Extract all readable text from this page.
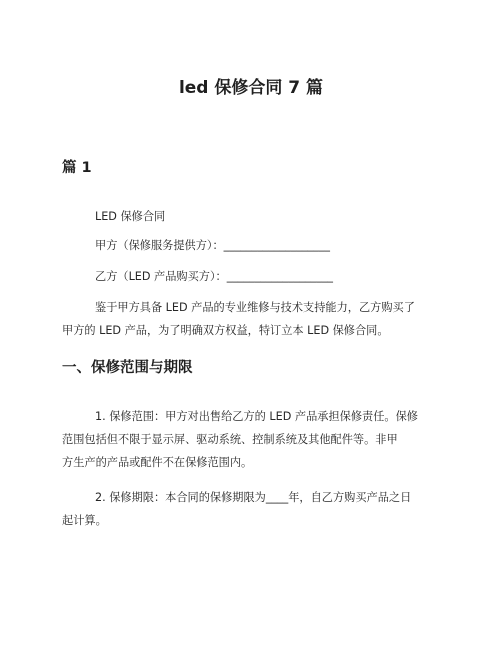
led 保修合同 7 篇
篇 1
LED 保修合同
甲方（保修服务提供方）：___________________
乙方（LED 产品购买方）：___________________
鉴于甲方具备 LED 产品的专业维修与技术支持能力，乙方购买了
甲方的 LED 产品，为了明确双方权益，特订立本 LED 保修合同。
一、保修范围与期限
1. 保修范围：甲方对出售给乙方的 LED 产品承担保修责任。保修
范围包括但不限于显示屏、驱动系统、控制系统及其他配件等。非甲
方生产的产品或配件不在保修范围内。
2. 保修期限：本合同的保修期限为____年，自乙方购买产品之日
起计算。
